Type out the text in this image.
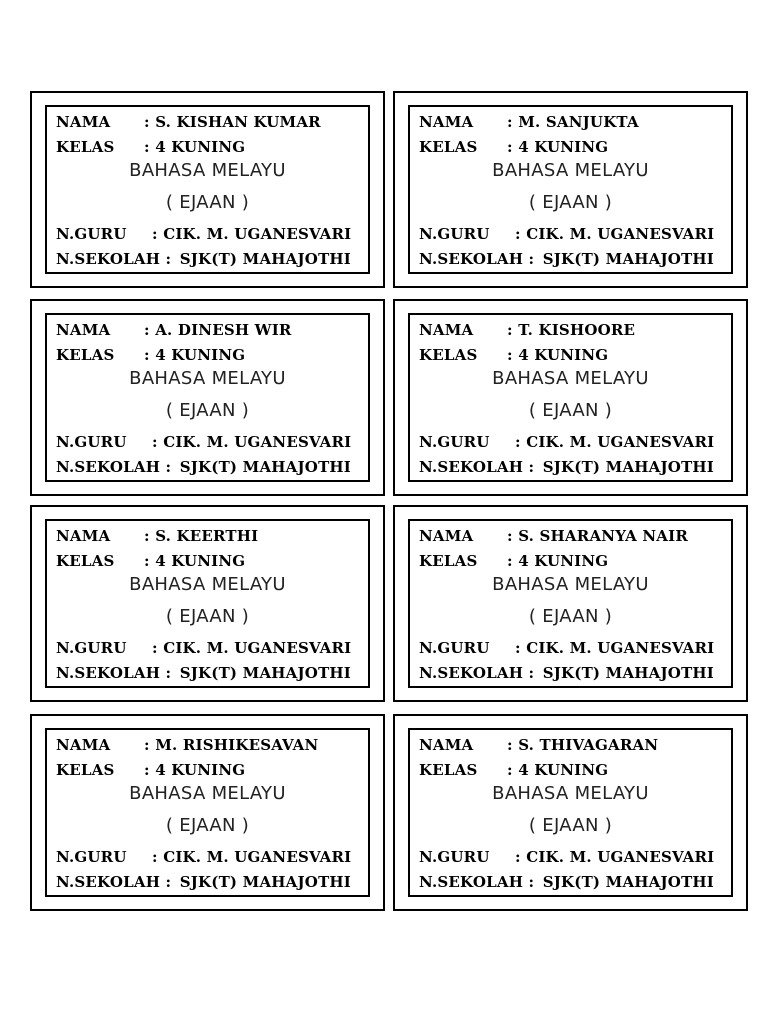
NAMA : S. KISHAN KUMAR
KELAS : 4 KUNING
BAHASA MELAYU
( EJAAN )
N.GURU : CIK. M. UGANESVARI
N.SEKOLAH : SJK(T) MAHAJOTHI
NAMA : M. SANJUKTA
KELAS : 4 KUNING
BAHASA MELAYU
( EJAAN )
N.GURU : CIK. M. UGANESVARI
N.SEKOLAH : SJK(T) MAHAJOTHI
NAMA : A. DINESH WIR
KELAS : 4 KUNING
BAHASA MELAYU
( EJAAN )
N.GURU : CIK. M. UGANESVARI
N.SEKOLAH : SJK(T) MAHAJOTHI
NAMA : T. KISHOORE
KELAS : 4 KUNING
BAHASA MELAYU
( EJAAN )
N.GURU : CIK. M. UGANESVARI
N.SEKOLAH : SJK(T) MAHAJOTHI
NAMA : S. KEERTHI
KELAS : 4 KUNING
BAHASA MELAYU
( EJAAN )
N.GURU : CIK. M. UGANESVARI
N.SEKOLAH : SJK(T) MAHAJOTHI
NAMA : S. SHARANYA NAIR
KELAS : 4 KUNING
BAHASA MELAYU
( EJAAN )
N.GURU : CIK. M. UGANESVARI
N.SEKOLAH : SJK(T) MAHAJOTHI
NAMA : M. RISHIKESAVAN
KELAS : 4 KUNING
BAHASA MELAYU
( EJAAN )
N.GURU : CIK. M. UGANESVARI
N.SEKOLAH : SJK(T) MAHAJOTHI
NAMA : S. THIVAGARAN
KELAS : 4 KUNING
BAHASA MELAYU
( EJAAN )
N.GURU : CIK. M. UGANESVARI
N.SEKOLAH : SJK(T) MAHAJOTHI
